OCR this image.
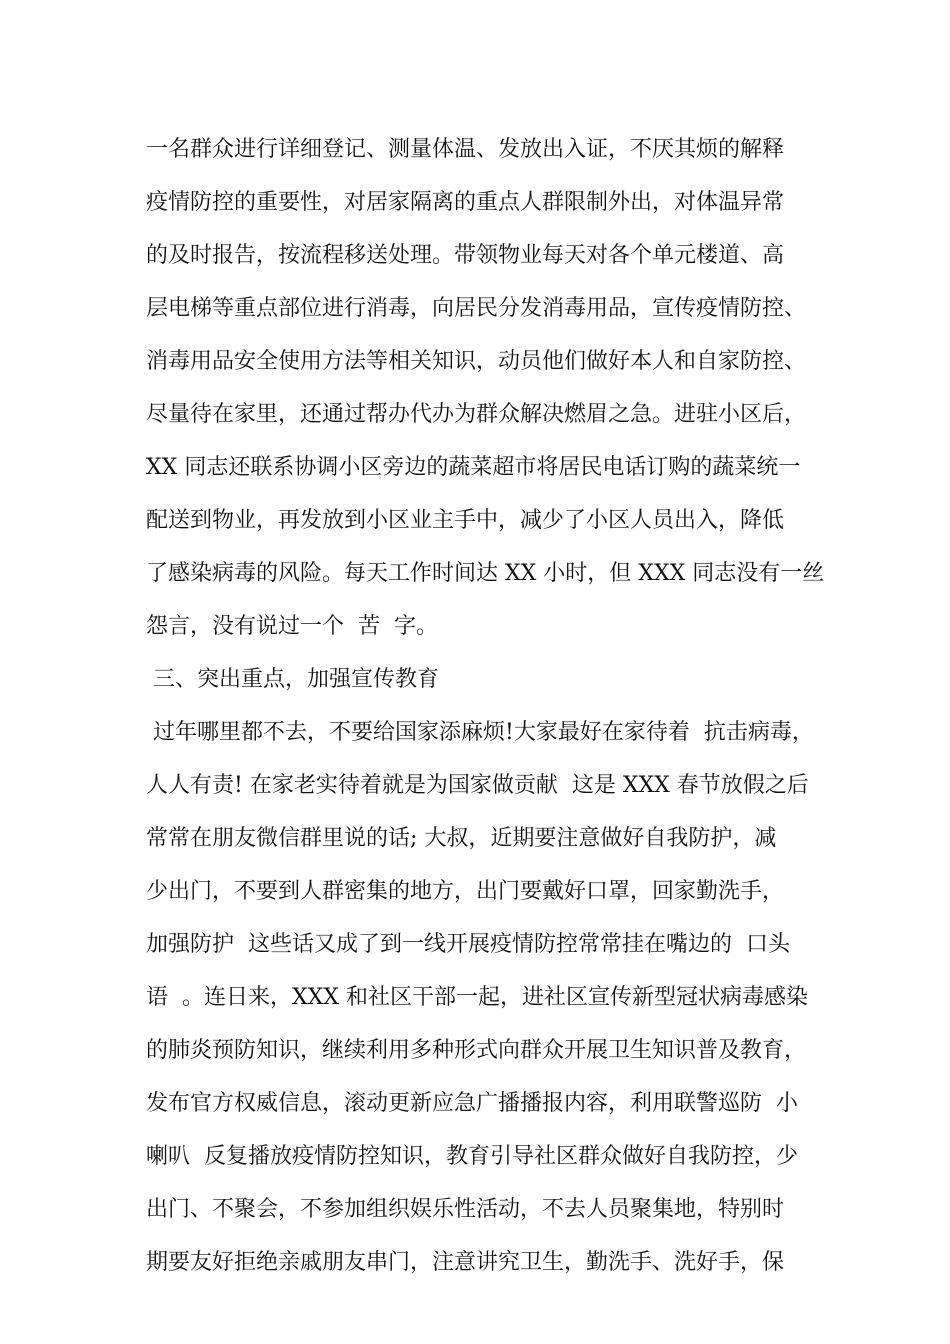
一名群众进行详细登记、测量体温、发放出入证，不厌其烦的解释
疫情防控的重要性，对居家隔离的重点人群限制外出，对体温异常
的及时报告，按流程移送处理。带领物业每天对各个单元楼道、高
层电梯等重点部位进行消毒，向居民分发消毒用品，宣传疫情防控、
消毒用品安全使用方法等相关知识，动员他们做好本人和自家防控、
尽量待在家里，还通过帮办代办为群众解决燃眉之急。进驻小区后，
XX 同志还联系协调小区旁边的蔬菜超市将居民电话订购的蔬菜统一
配送到物业，再发放到小区业主手中，减少了小区人员出入，降低
了感染病毒的风险。每天工作时间达 XX 小时，但 XXX 同志没有一丝
怨言，没有说过一个  苦  字。
三、突出重点，加强宣传教育
过年哪里都不去，不要给国家添麻烦!大家最好在家待着  抗击病毒，
人人有责! 在家老实待着就是为国家做贡献  这是 XXX 春节放假之后
常常在朋友微信群里说的话; 大叔，近期要注意做好自我防护，减
少出门，不要到人群密集的地方，出门要戴好口罩，回家勤洗手，
加强防护  这些话又成了到一线开展疫情防控常常挂在嘴边的  口头
语  。连日来，XXX 和社区干部一起，进社区宣传新型冠状病毒感染
的肺炎预防知识，继续利用多种形式向群众开展卫生知识普及教育，
发布官方权威信息，滚动更新应急广播播报内容，利用联警巡防  小
喇叭  反复播放疫情防控知识，教育引导社区群众做好自我防控，少
出门、不聚会，不参加组织娱乐性活动，不去人员聚集地，特别时
期要友好拒绝亲戚朋友串门，注意讲究卫生，勤洗手、洗好手，保
